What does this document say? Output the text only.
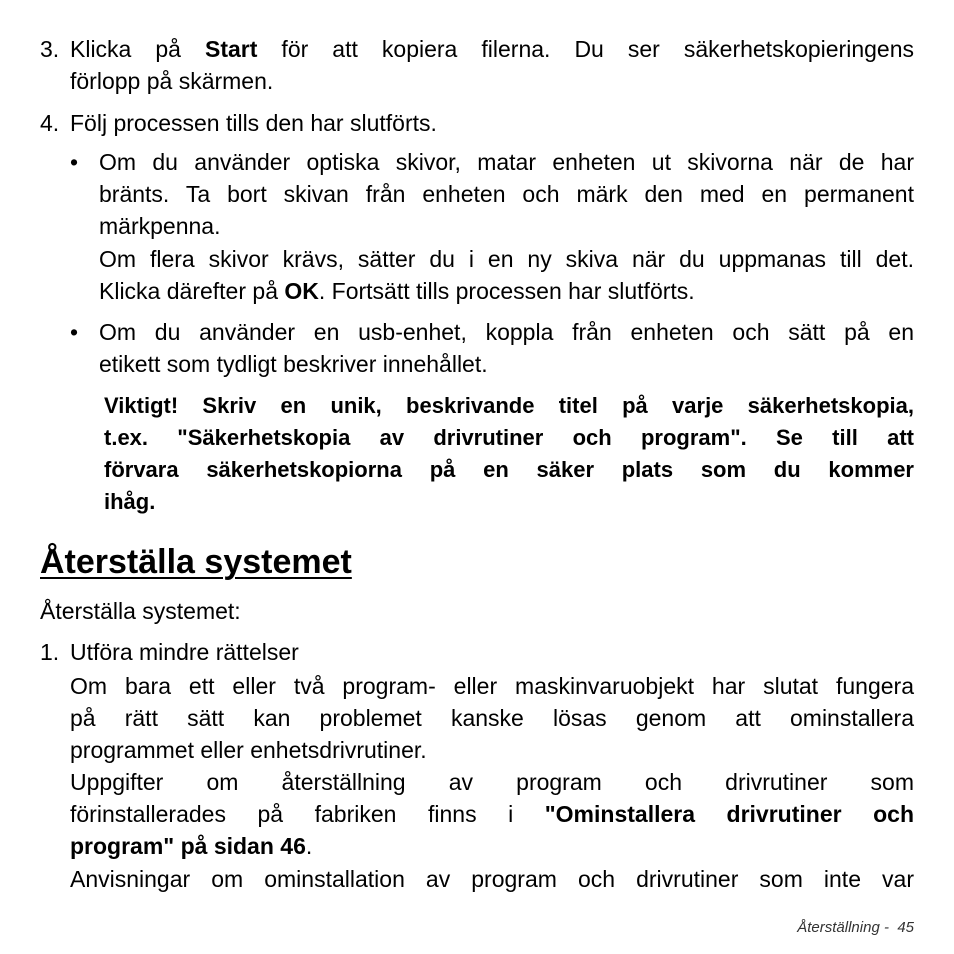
3. Klicka på Start för att kopiera filerna. Du ser säkerhetskopieringens
förlopp på skärmen.
4. Följ processen tills den har slutförts.
• Om du använder optiska skivor, matar enheten ut skivorna när de har
bränts. Ta bort skivan från enheten och märk den med en permanent
märkpenna.
Om flera skivor krävs, sätter du i en ny skiva när du uppmanas till det.
Klicka därefter på OK. Fortsätt tills processen har slutförts.
• Om du använder en usb-enhet, koppla från enheten och sätt på en
etikett som tydligt beskriver innehållet.
Viktigt! Skriv en unik, beskrivande titel på varje säkerhetskopia,
t.ex. "Säkerhetskopia av drivrutiner och program". Se till att
förvara säkerhetskopiorna på en säker plats som du kommer
ihåg.
Återställa systemet
Återställa systemet:
1. Utföra mindre rättelser
Om bara ett eller två program- eller maskinvaruobjekt har slutat fungera
på rätt sätt kan problemet kanske lösas genom att ominstallera
programmet eller enhetsdrivrutiner.
Uppgifter om återställning av program och drivrutiner som
förinstallerades på fabriken finns i "Ominstallera drivrutiner och
program" på sidan 46.
Anvisningar om ominstallation av program och drivrutiner som inte var
Återställning - 45
